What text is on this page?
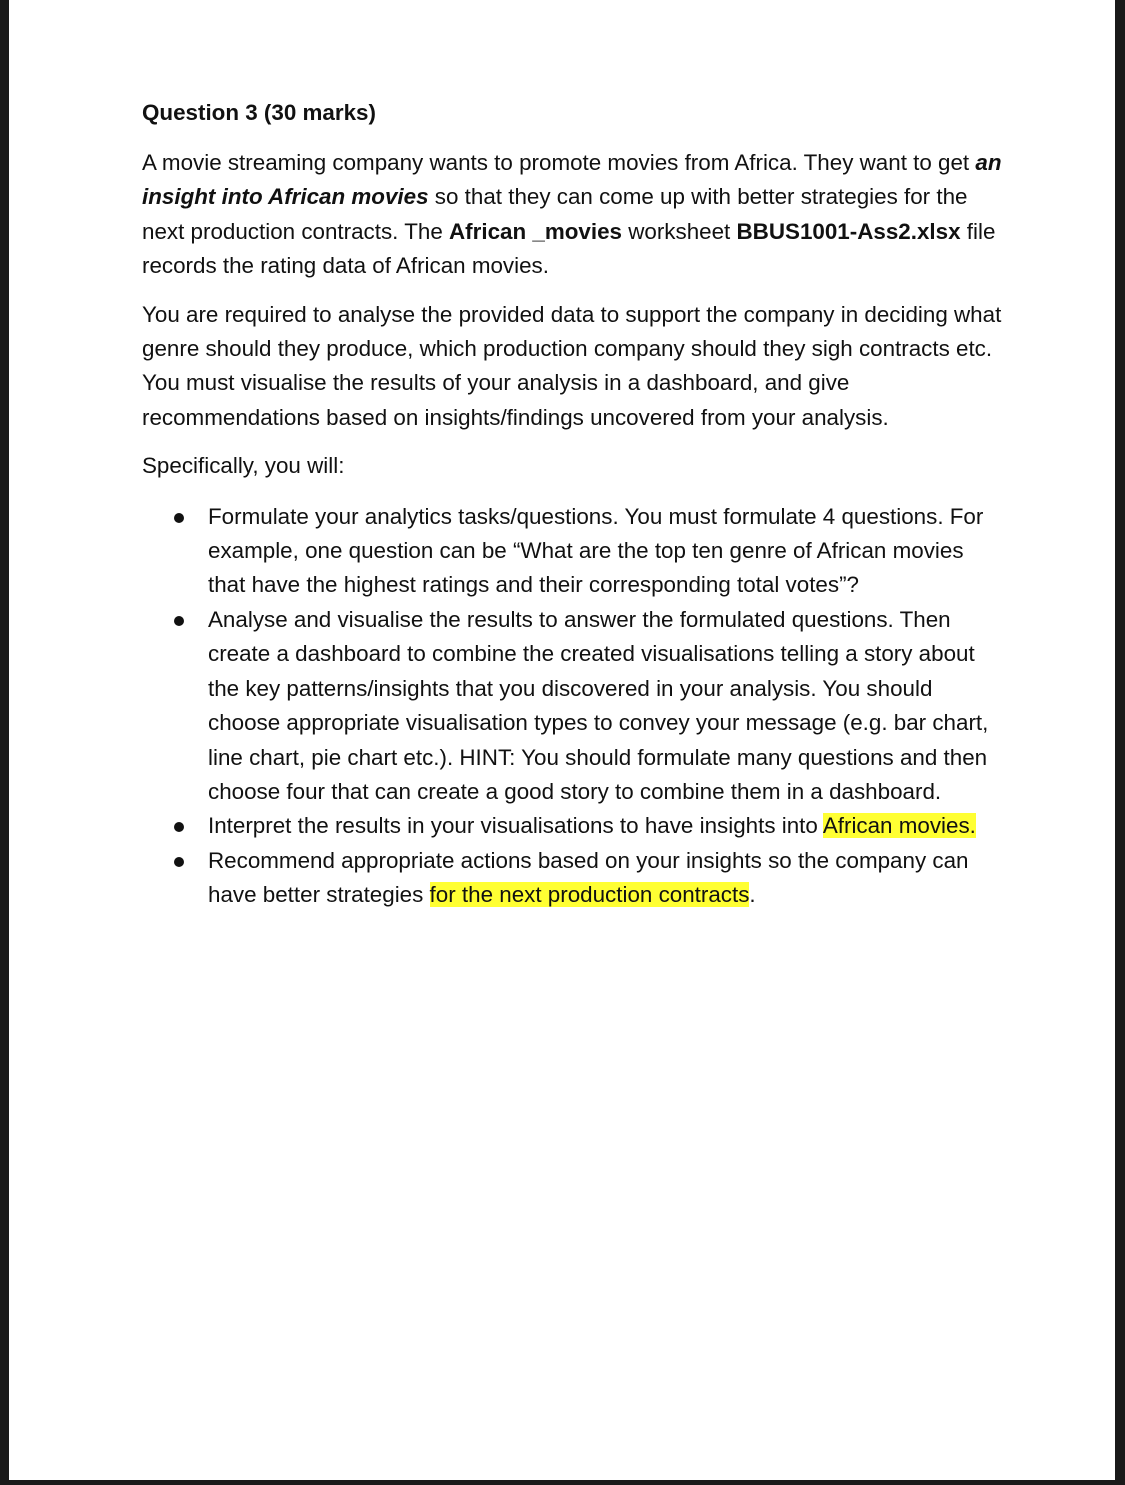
Question 3 (30 marks)

A movie streaming company wants to promote movies from Africa. They want to get an insight into African movies so that they can come up with better strategies for the next production contracts. The African _movies worksheet BBUS1001-Ass2.xlsx file records the rating data of African movies.

You are required to analyse the provided data to support the company in deciding what genre should they produce, which production company should they sigh contracts etc. You must visualise the results of your analysis in a dashboard, and give recommendations based on insights/findings uncovered from your analysis.

Specifically, you will:

Formulate your analytics tasks/questions. You must formulate 4 questions. For example, one question can be “What are the top ten genre of African movies that have the highest ratings and their corresponding total votes”?
Analyse and visualise the results to answer the formulated questions. Then create a dashboard to combine the created visualisations telling a story about the key patterns/insights that you discovered in your analysis. You should choose appropriate visualisation types to convey your message (e.g. bar chart, line chart, pie chart etc.). HINT: You should formulate many questions and then choose four that can create a good story to combine them in a dashboard.
Interpret the results in your visualisations to have insights into African movies.
Recommend appropriate actions based on your insights so the company can have better strategies for the next production contracts.
